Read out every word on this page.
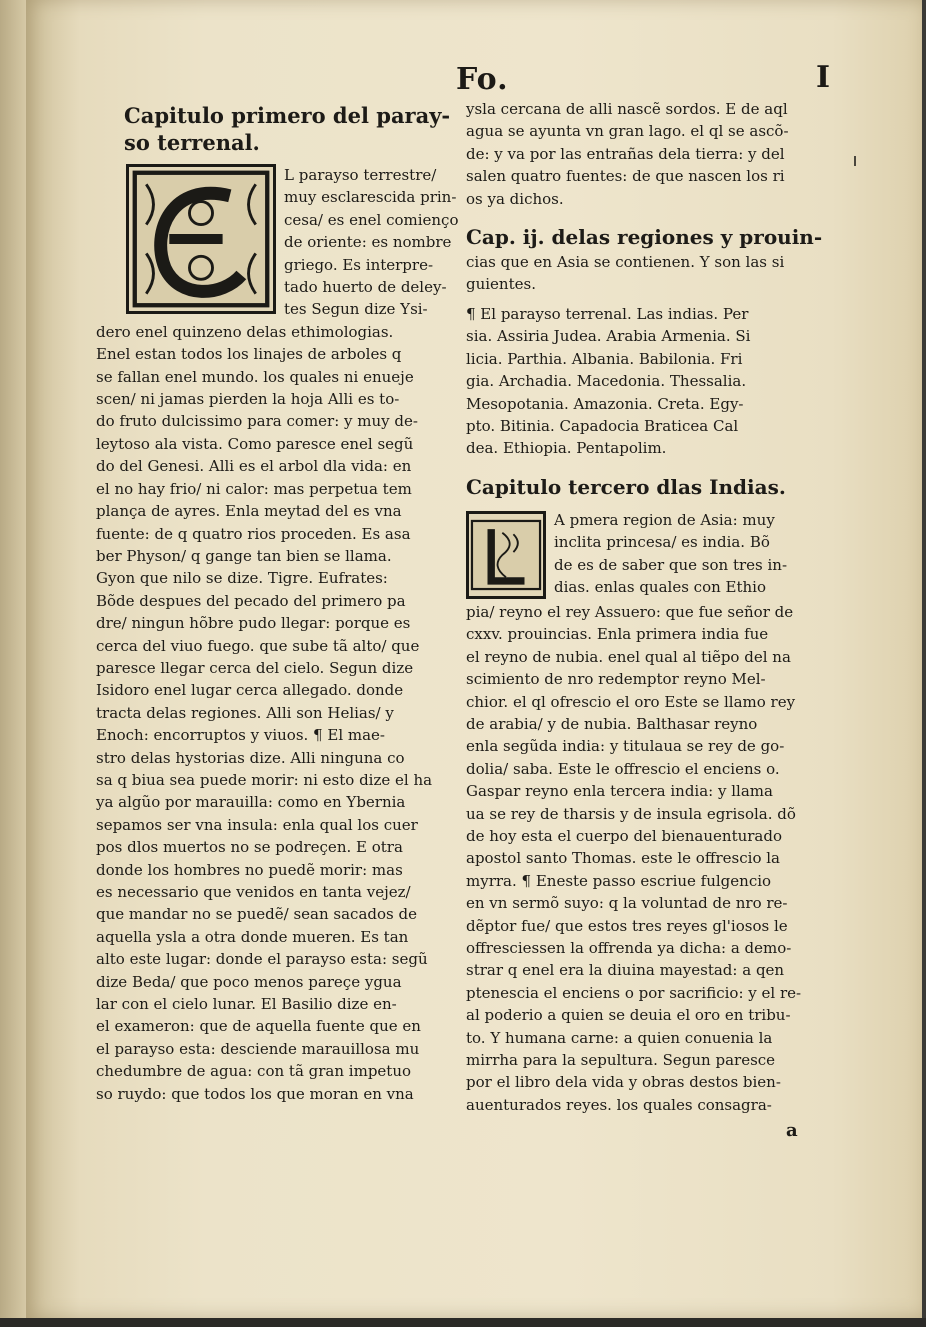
Fo.	I
Capitulo primero del paray-
so terrenal.
L parayso terrestre/
muy esclarescida prin-
cesa/ es enel comienço
de oriente: es nombre
griego. Es interpre-
tado huerto de deley-
tes Segun dize Ysi-
dero enel quinzeno delas ethimologias.
Enel estan todos los linajes de arboles q
se fallan enel mundo. los quales ni enueje
scen/ ni jamas pierden la hoja Alli es to-
do fruto dulcissimo para comer: y muy de-
leytoso ala vista. Como paresce enel segũ
do del Genesi. Alli es el arbol dla vida: en
el no hay frio/ ni calor: mas perpetua tem
plança de ayres. Enla meytad del es vna
fuente: de q quatro rios proceden. Es asa
ber Physon/ q gange tan bien se llama.
Gyon que nilo se dize. Tigre. Eufrates:
Bõde despues del pecado del primero pa
dre/ ningun hõbre pudo llegar: porque es
cerca del viuo fuego. que sube tã alto/ que
paresce llegar cerca del cielo. Segun dize
Isidoro enel lugar cerca allegado. donde
tracta delas regiones. Alli son Helias/ y
Enoch: encorruptos y viuos. ¶ El mae-
stro delas hystorias dize. Alli ninguna co
sa q biua sea puede morir: ni esto dize el ha
ya algũo por marauilla: como en Ybernia
sepamos ser vna insula: enla qual los cuer
pos dlos muertos no se podreçen. E otra
donde los hombres no puedẽ morir: mas
es necessario que venidos en tanta vejez/
que mandar no se puedẽ/ sean sacados de
aquella ysla a otra donde mueren. Es tan
alto este lugar: donde el parayso esta: segũ
dize Beda/ que poco menos pareçe ygua
lar con el cielo lunar. El Basilio dize en-
el exameron: que de aquella fuente que en
el parayso esta: desciende marauillosa mu
chedumbre de agua: con tã gran impetuo
so ruydo: que todos los que moran en vna
ysla cercana de alli nascẽ sordos. E de aql
agua se ayunta vn gran lago. el ql se ascõ-
de: y va por las entrañas dela tierra: y del
salen quatro fuentes: de que nascen los ri
os ya dichos.
Cap. ij. delas regiones y prouin-
cias que en Asia se contienen. Y son las si
guientes.
¶ El parayso terrenal. Las indias. Per
sia. Assiria Judea. Arabia Armenia. Si
licia. Parthia. Albania. Babilonia. Fri
gia. Archadia. Macedonia. Thessalia.
Mesopotania. Amazonia. Creta. Egy-
pto. Bitinia. Capadocia Braticea Cal
dea. Ethiopia. Pentapolim.
Capitulo tercero dlas Indias.
A pmera region de Asia: muy
inclita princesa/ es india. Bõ
de es de saber que son tres in-
dias. enlas quales con Ethio
pia/ reyno el rey Assuero: que fue señor de
cxxv. prouincias. Enla primera india fue
el reyno de nubia. enel qual al tiẽpo del na
scimiento de nro redemptor reyno Mel-
chior. el ql ofrescio el oro Este se llamo rey
de arabia/ y de nubia. Balthasar reyno
enla segũda india: y titulaua se rey de go-
dolia/ saba. Este le offrescio el enciens o.
Gaspar reyno enla tercera india: y llama
ua se rey de tharsis y de insula egrisola. dõ
de hoy esta el cuerpo del bienauenturado
apostol santo Thomas. este le offrescio la
myrra. ¶ Eneste passo escriue fulgencio
en vn sermõ suyo: q la voluntad de nro re-
dẽptor fue/ que estos tres reyes gl'iosos le
offresciessen la offrenda ya dicha: a demo-
strar q enel era la diuina mayestad: a qen
ptenescia el enciens o por sacrificio: y el re-
al poderio a quien se deuia el oro en tribu-
to. Y humana carne: a quien conuenia la
mirrha para la sepultura. Segun paresce
por el libro dela vida y obras destos bien-
auenturados reyes. los quales consagra-
a
